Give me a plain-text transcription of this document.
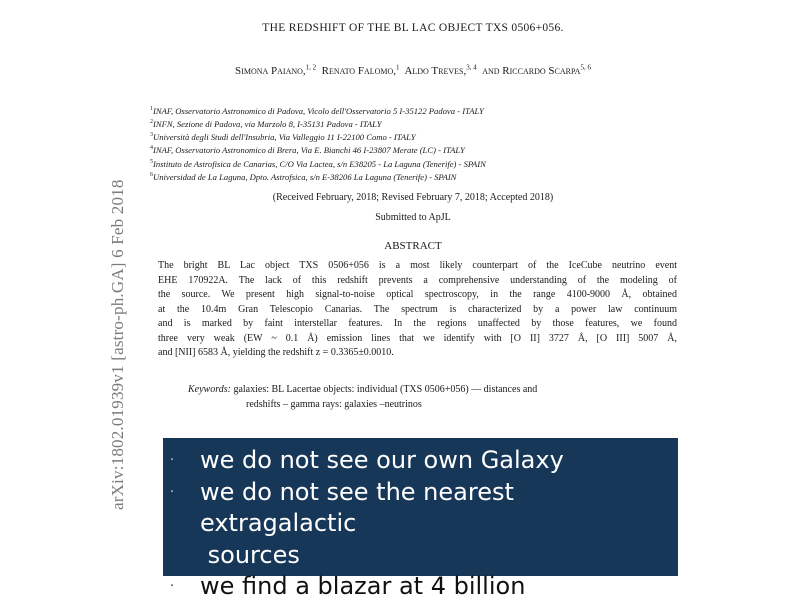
arXiv:1802.01939v1 [astro-ph.GA] 6 Feb 2018
THE REDSHIFT OF THE BL LAC OBJECT TXS 0506+056.
Simona Paiano,$^{1, 2}$ Renato Falomo,$^1$ Aldo Treves,$^{3, 4}$ and Riccardo Scarpa$^{5, 6}$
$^1$INAF, Osservatorio Astronomico di Padova, Vicolo dell'Osservatorio 5 I-35122 Padova - ITALY
$^2$INFN, Sezione di Padova, via Marzolo 8, I-35131 Padova - ITALY
$^3$Università degli Studi dell'Insubria, Via Valleggio 11 I-22100 Como - ITALY
$^4$INAF, Osservatorio Astronomico di Brera, Via E. Bianchi 46 I-23807 Merate (LC) - ITALY
$^5$Instituto de Astrofisica de Canarias, C/O Via Lactea, s/n E38205 - La Laguna (Tenerife) - SPAIN
$^6$Universidad de La Laguna, Dpto. Astrofsica, s/n E-38206 La Laguna (Tenerife) - SPAIN
(Received February, 2018; Revised February 7, 2018; Accepted 2018)
Submitted to ApJL
ABSTRACT
The bright BL Lac object TXS 0506+056 is a most likely counterpart of the IceCube neutrino event
EHE 170922A. The lack of this redshift prevents a comprehensive understanding of the modeling of
the source. We present high signal-to-noise optical spectroscopy, in the range 4100-9000 Å, obtained
at the 10.4m Gran Telescopio Canarias. The spectrum is characterized by a power law continuum
and is marked by faint interstellar features. In the regions unaffected by those features, we found
three very weak (EW ~ 0.1 Å) emission lines that we identify with [O II] 3727 Å, [O III] 5007 Å,
and [NII] 6583 Å, yielding the redshift z = 0.3365±0.0010.
Keywords: galaxies: BL Lacertae objects: individual (TXS 0506+056) — distances and
redshifts – gamma rays: galaxies –neutrinos
· we do not see our own Galaxy
· we do not see the nearest
extragalactic
sources
· we find a blazar at 4 billion
